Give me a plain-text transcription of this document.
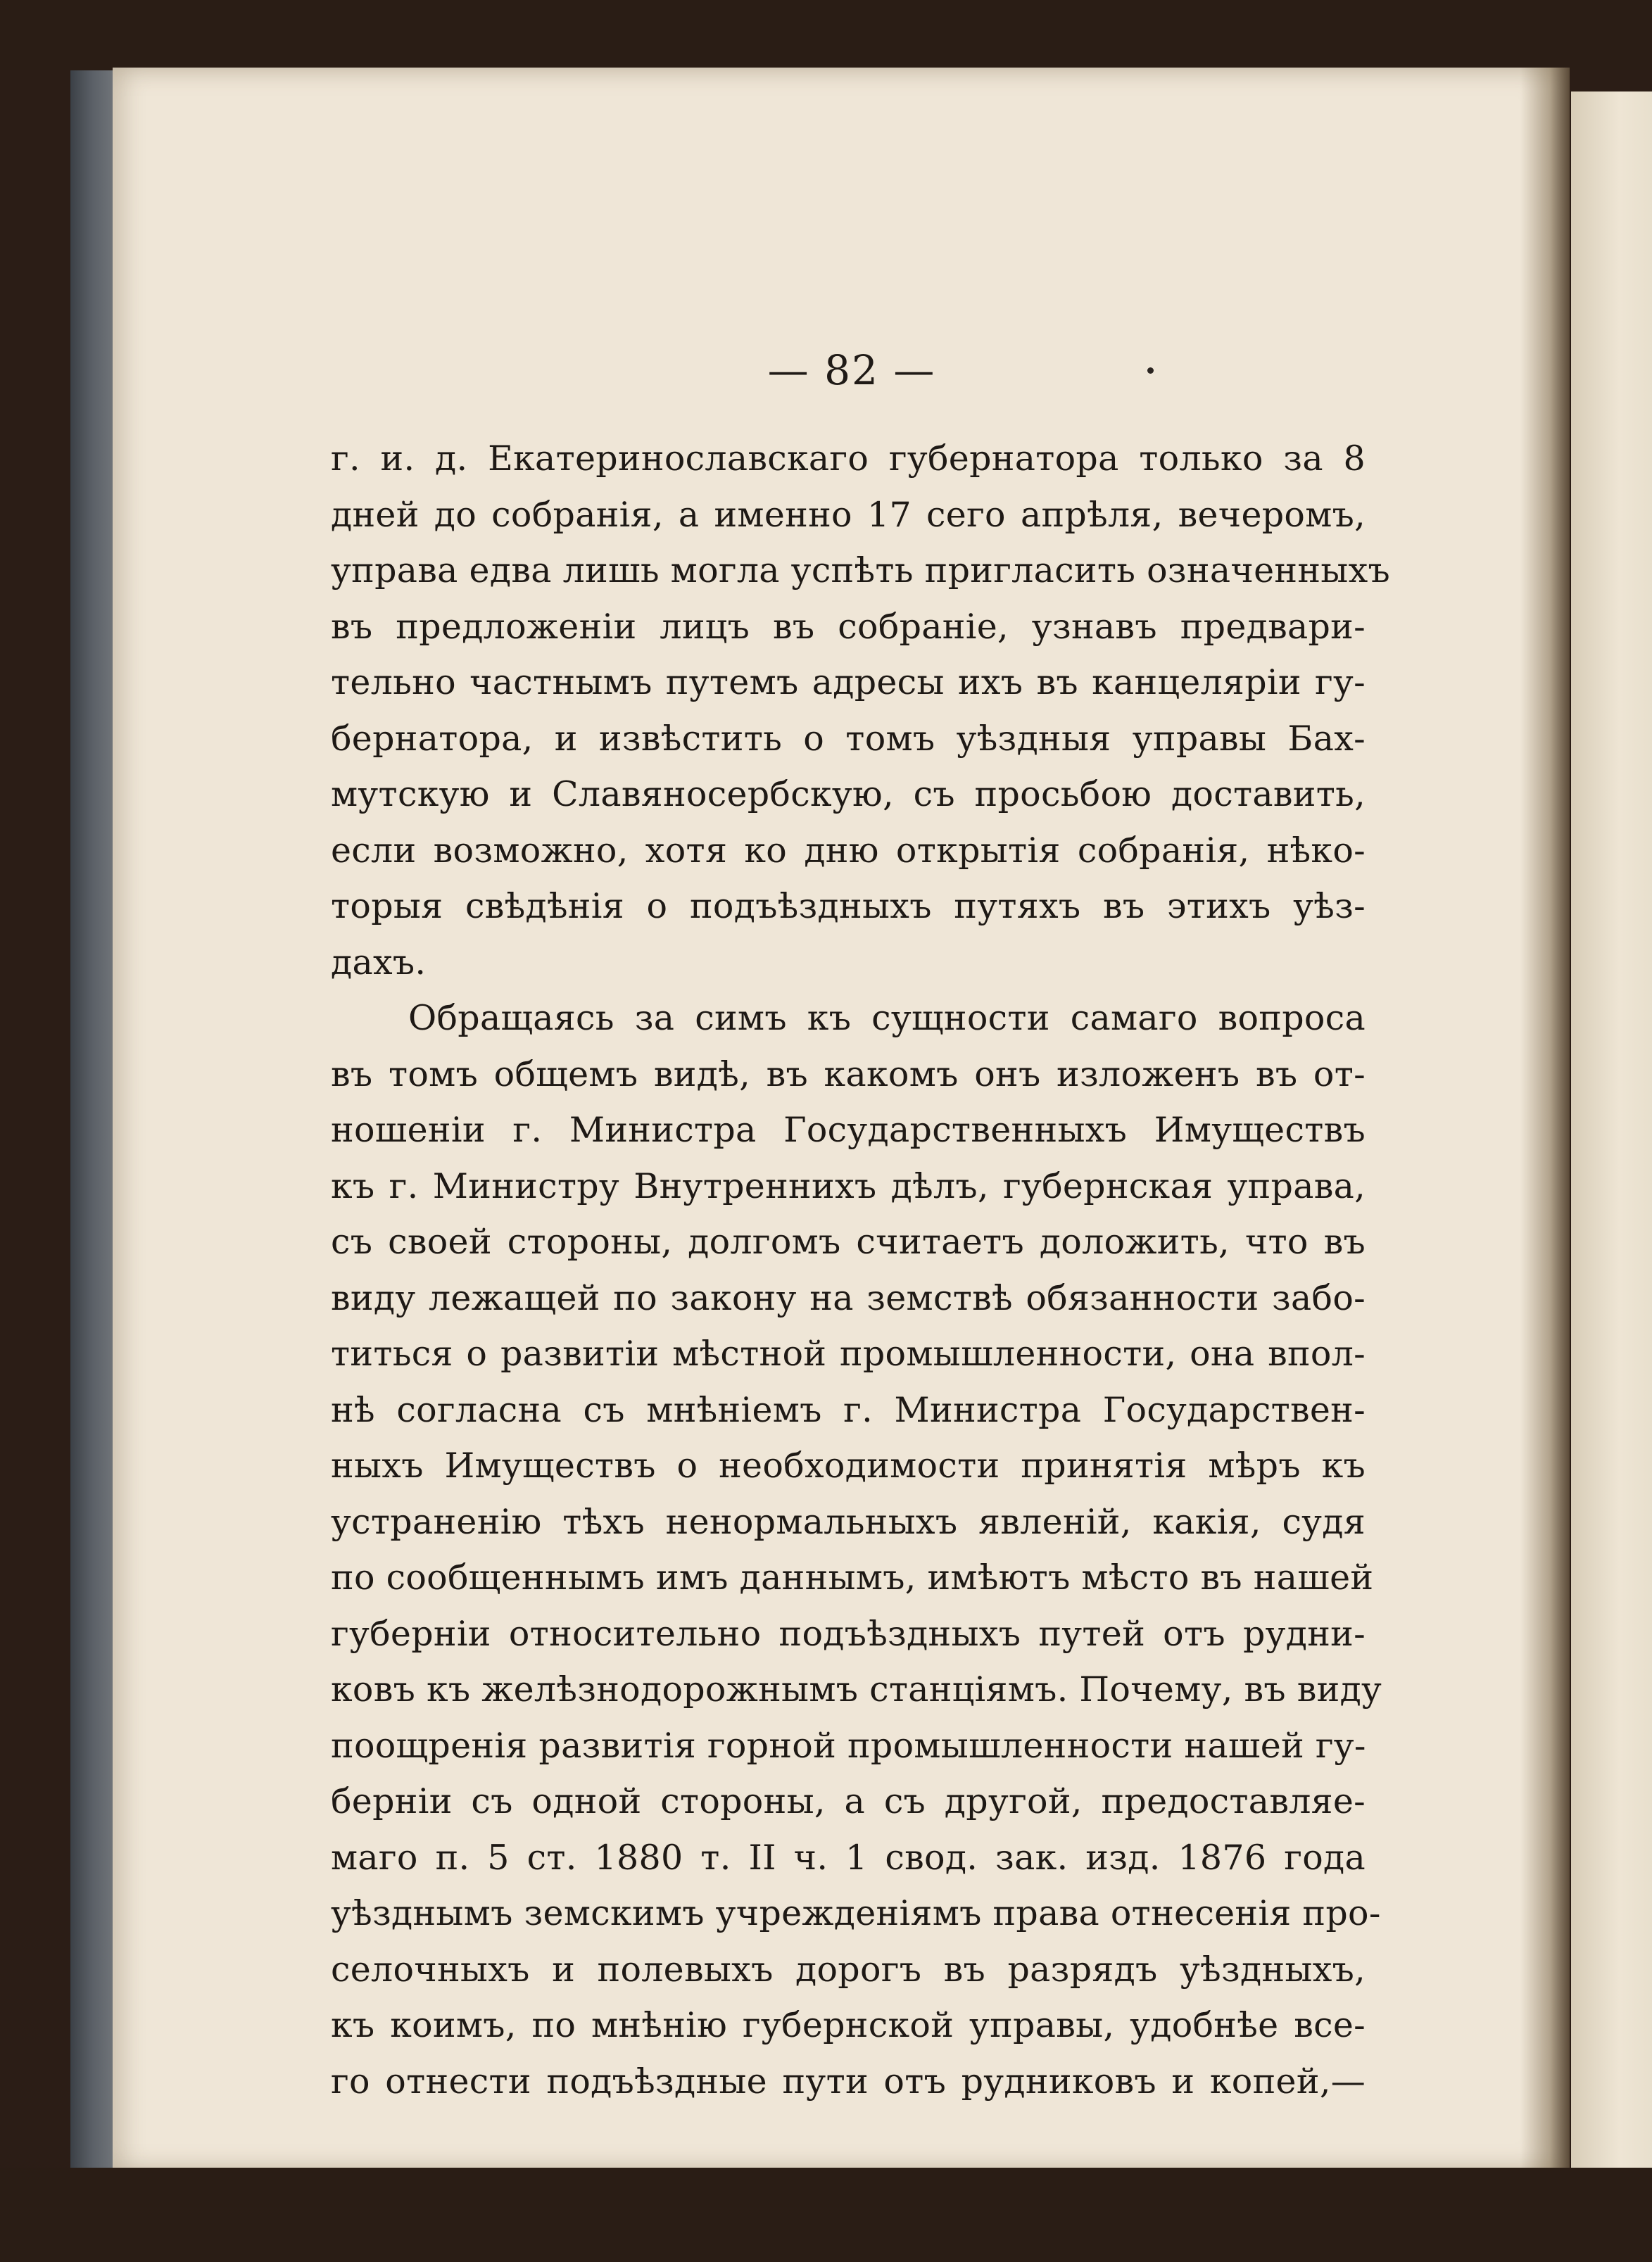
— 82 —
г. и. д. Екатеринославскаго губернатора только за 8
дней до собранія, а именно 17 сего апрѣля, вечеромъ,
управа едва лишь могла успѣть пригласить означенныхъ
въ предложеніи лицъ въ собраніе, узнавъ предвари-
тельно частнымъ путемъ адресы ихъ въ канцеляріи гу-
бернатора, и извѣстить о томъ уѣздныя управы Бах-
мутскую и Славяносербскую, съ просьбою доставить,
если возможно, хотя ко дню открытія собранія, нѣко-
торыя свѣдѣнія о подъѣздныхъ путяхъ въ этихъ уѣз-
дахъ.
Обращаясь за симъ къ сущности самаго вопроса
въ томъ общемъ видѣ, въ какомъ онъ изложенъ въ от-
ношеніи г. Министра Государственныхъ Имуществъ
къ г. Министру Внутреннихъ дѣлъ, губернская управа,
съ своей стороны, долгомъ считаетъ доложить, что въ
виду лежащей по закону на земствѣ обязанности забо-
титься о развитіи мѣстной промышленности, она впол-
нѣ согласна съ мнѣніемъ г. Министра Государствен-
ныхъ Имуществъ о необходимости принятія мѣръ къ
устраненію тѣхъ ненормальныхъ явленій, какія, судя
по сообщеннымъ имъ даннымъ, имѣютъ мѣсто въ нашей
губерніи относительно подъѣздныхъ путей отъ рудни-
ковъ къ желѣзнодорожнымъ станціямъ. Почему, въ виду
поощренія развитія горной промышленности нашей гу-
берніи съ одной стороны, а съ другой, предоставляе-
маго п. 5 ст. 1880 т. II ч. 1 свод. зак. изд. 1876 года
уѣзднымъ земскимъ учрежденіямъ права отнесенія про-
селочныхъ и полевыхъ дорогъ въ разрядъ уѣздныхъ,
къ коимъ, по мнѣнію губернской управы, удобнѣе все-
го отнести подъѣздные пути отъ рудниковъ и копей,—
